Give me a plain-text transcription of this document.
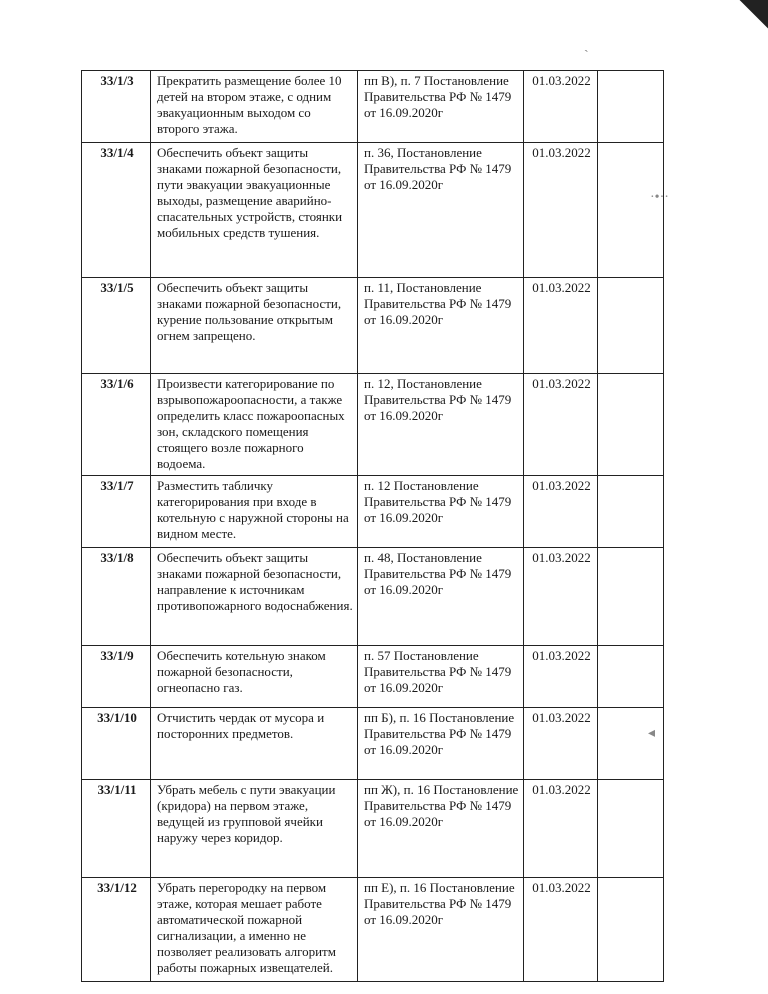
ˎ
·•··
◂
33/1/3	Прекратить размещение более 10 детей на втором этаже, с одним эвакуационным выходом со второго этажа.	пп В), п. 7 Постановление Правительства РФ № 1479 от 16.09.2020г	01.03.2022	
33/1/4	Обеспечить объект защиты знаками пожарной безопасности, пути эвакуации эвакуационные выходы, размещение аварийно-спасательных устройств, стоянки мобильных средств тушения.	п. 36, Постановление Правительства РФ № 1479 от 16.09.2020г	01.03.2022	
33/1/5	Обеспечить объект защиты знаками пожарной безопасности, курение пользование открытым огнем запрещено.	п. 11, Постановление Правительства РФ № 1479 от 16.09.2020г	01.03.2022	
33/1/6	Произвести категорирование по взрывопожароопасности, а также определить класс пожароопасных зон, складского помещения стоящего возле пожарного водоема.	п. 12, Постановление Правительства РФ № 1479 от 16.09.2020г	01.03.2022	
33/1/7	Разместить табличку категорирования при входе в котельную с наружной стороны на видном месте.	п. 12 Постановление Правительства РФ № 1479 от 16.09.2020г	01.03.2022	
33/1/8	Обеспечить объект защиты знаками пожарной безопасности, направление к источникам противопожарного водоснабжения.	п. 48, Постановление Правительства РФ № 1479 от 16.09.2020г	01.03.2022	
33/1/9	Обеспечить котельную знаком пожарной безопасности, огнеопасно газ.	п. 57 Постановление Правительства РФ № 1479 от 16.09.2020г	01.03.2022	
33/1/10	Отчистить чердак от мусора и посторонних предметов.	пп Б), п. 16 Постановление Правительства РФ № 1479 от 16.09.2020г	01.03.2022	
33/1/11	Убрать мебель с пути эвакуации (кридора) на первом этаже, ведущей из групповой ячейки наружу через коридор.	пп Ж), п. 16 Постановление Правительства РФ № 1479 от 16.09.2020г	01.03.2022	
33/1/12	Убрать перегородку на первом этаже, которая мешает работе автоматической пожарной сигнализации, а именно не позволяет реализовать алгоритм работы пожарных извещателей.	пп Е), п. 16 Постановление Правительства РФ № 1479 от 16.09.2020г	01.03.2022	
